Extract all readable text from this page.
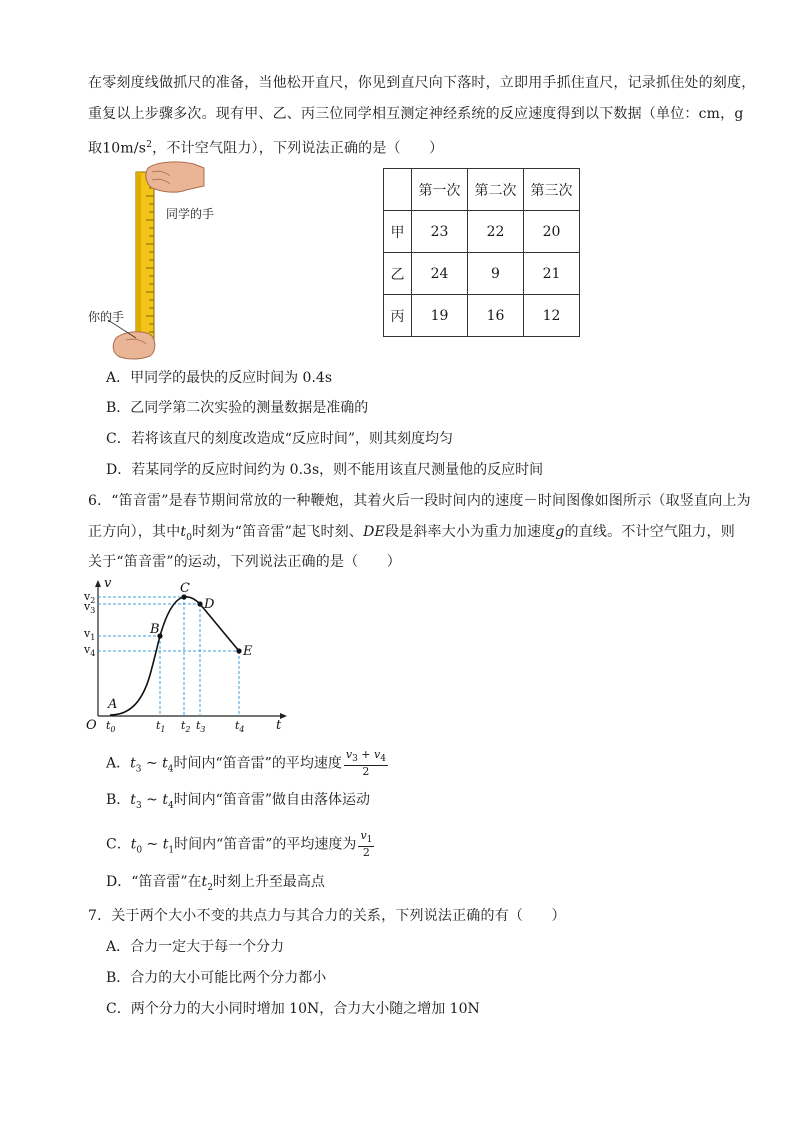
在零刻度线做抓尺的准备，当他松开直尺，你见到直尺向下落时，立即用手抓住直尺，记录抓住处的刻度，
重复以上步骤多次。现有甲、乙、丙三位同学相互测定神经系统的反应速度得到以下数据（单位：cm，g
取$10m/s^2$，不计空气阻力），下列说法正确的是（　　）
同学的手
你的手
	第一次	第二次	第三次
甲	23	22	20
乙	24	9	21
丙	19	16	12
A．甲同学的最快的反应时间为 0.4s
B．乙同学第二次实验的测量数据是准确的
C．若将该直尺的刻度改造成“反应时间”，则其刻度均匀
D．若某同学的反应时间约为 0.3s，则不能用该直尺测量他的反应时间
6．“笛音雷”是春节期间常放的一种鞭炮，其着火后一段时间内的速度－时间图像如图所示（取竖直向上为
正方向），其中$t_0$时刻为“笛音雷”起飞时刻、DE段是斜率大小为重力加速度g的直线。不计空气阻力，则
关于“笛音雷”的运动，下列说法正确的是（　　）
A
B
C
D
E
v
t
O
$v_2$
$v_3$
$v_1$
$v_4$
$t_0$	$t_1$ $t_2$ $t_3$	$t_4$
A．$t_3$ ~ $t_4$时间内“笛音雷”的平均速度 $\frac{v_3 + v_4}{2}$
B．$t_3$ ~ $t_4$时间内“笛音雷”做自由落体运动
C．$t_0$ ~ $t_1$时间内“笛音雷”的平均速度为 $\frac{v_1}{2}$
D．“笛音雷”在$t_2$时刻上升至最高点
7．关于两个大小不变的共点力与其合力的关系，下列说法正确的有（　　）
A．合力一定大于每一个分力
B．合力的大小可能比两个分力都小
C．两个分力的大小同时增加 10N，合力大小随之增加 10N
